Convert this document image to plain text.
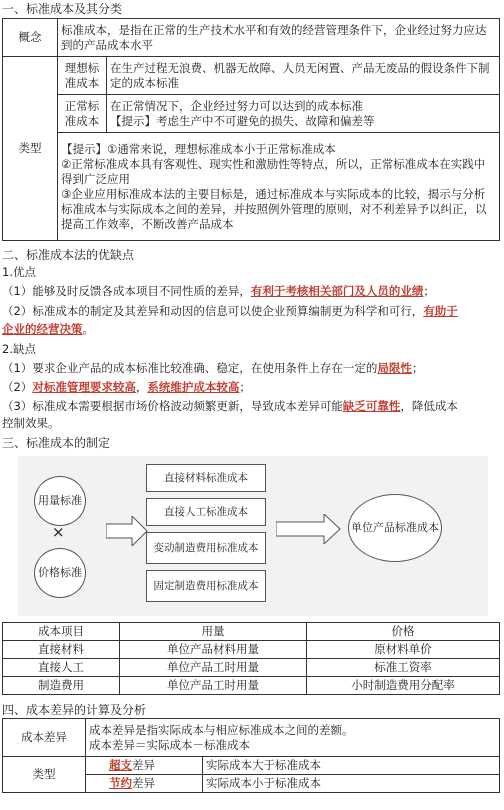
一、标准成本及其分类
概念	标准成本，是指在正常的生产技术水平和有效的经营管理条件下，企业经过努力应达到的产品成本水平	
类型	理想标准成本	在生产过程无浪费、机器无故障、人员无闲置、产品无废品的假设条件下制定的成本标准
	正常标准成本	在正常情况下，企业经过努力可以达到的成本标准
【提示】考虑生产中不可避免的损失、故障和偏差等

	【提示】①通常来说，理想标准成本小于正常标准成本
②正常标准成本具有客观性、现实性和激励性等特点，所以，正常标准成本在实践中得到广泛应用
③企业应用标准成本法的主要目标是，通过标准成本与实际成本的比较，揭示与分析标准成本与实际成本之间的差异，并按照例外管理的原则，对不利差异予以纠正，以提高工作效率，不断改善产品成本	
二、标准成本法的优缺点
1.优点
（1）能够及时反馈各成本项目不同性质的差异，有利于考核相关部门及人员的业绩；
（2）标准成本的制定及其差异和动因的信息可以使企业预算编制更为科学和可行，有助于
企业的经营决策。
2.缺点
（1）要求企业产品的成本标准比较准确、稳定，在使用条件上存在一定的局限性；
（2）对标准管理要求较高，系统维护成本较高；
（3）标准成本需要根据市场价格波动频繁更新，导致成本差异可能缺乏可靠性，降低成本
控制效果。
三、标准成本的制定
用量标准
×
价格标准
直接材料标准成本
直接人工标准成本
变动制造费用标准成本
固定制造费用标准成本
单位产品标准成本
成本项目	用量	价格
直接材料	单位产品材料用量	原材料单价
直接人工	单位产品工时用量	标准工资率
制造费用	单位产品工时用量	小时制造费用分配率
四、成本差异的计算及分析
成本差异	成本差异是指实际成本与相应标准成本之间的差额。
成本差异＝实际成本－标准成本	

类型	超支差异	实际成本大于标准成本
	节约差异	实际成本小于标准成本
